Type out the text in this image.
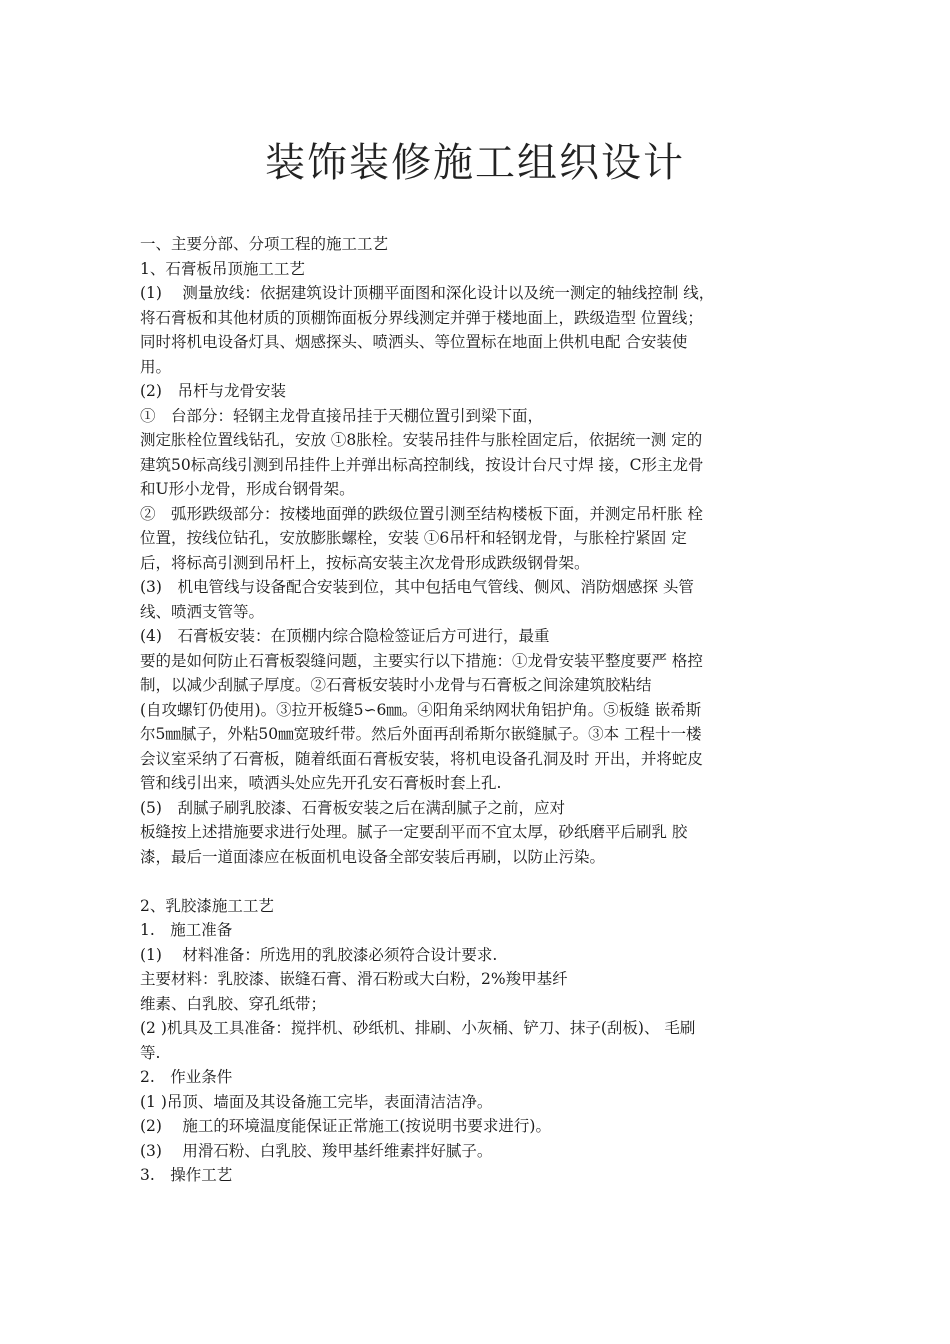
装饰装修施工组织设计
一、主要分部、分项工程的施工工艺
1、石膏板吊顶施工工艺
(1)　 测量放线：依据建筑设计顶棚平面图和深化设计以及统一测定的轴线控制 线，
将石膏板和其他材质的顶棚饰面板分界线测定并弹于楼地面上，跌级造型 位置线；
同时将机电设备灯具、烟感探头、喷洒头、等位置标在地面上供机电配 合安装使
用。
(2)　吊杆与龙骨安装
①　台部分：轻钢主龙骨直接吊挂于天棚位置引到梁下面，
测定胀栓位置线钻孔，安放 ①8胀栓。安装吊挂件与胀栓固定后，依据统一测 定的
建筑50标高线引测到吊挂件上并弹出标高控制线，按设计台尺寸焊 接，C形主龙骨
和U形小龙骨，形成台钢骨架。
②　弧形跌级部分：按楼地面弹的跌级位置引测至结构楼板下面，并测定吊杆胀 栓
位置，按线位钻孔，安放膨胀螺栓，安装 ①6吊杆和轻钢龙骨，与胀栓拧紧固 定
后，将标高引测到吊杆上，按标高安装主次龙骨形成跌级钢骨架。
(3)　机电管线与设备配合安装到位，其中包括电气管线、侧风、消防烟感探 头管
线、喷洒支管等。
(4)　石膏板安装：在顶棚内综合隐检签证后方可进行，最重
要的是如何防止石膏板裂缝问题，主要实行以下措施：①龙骨安装平整度要严 格控
制，以减少刮腻子厚度。②石膏板安装时小龙骨与石膏板之间涂建筑胶粘结
(自攻螺钉仍使用)。③拉开板缝5∽6㎜。④阳角采纳网状角铝护角。⑤板缝 嵌希斯
尔5㎜腻子，外粘50㎜宽玻纤带。然后外面再刮希斯尔嵌缝腻子。③本 工程十一楼
会议室采纳了石膏板，随着纸面石膏板安装，将机电设备孔洞及时 开出，并将蛇皮
管和线引出来，喷洒头处应先开孔安石膏板时套上孔.
(5)　刮腻子刷乳胶漆、石膏板安装之后在满刮腻子之前，应对
板缝按上述措施要求进行处理。腻子一定要刮平而不宜太厚，砂纸磨平后刷乳 胶
漆，最后一道面漆应在板面机电设备全部安装后再刷，以防止污染。
2、乳胶漆施工工艺
1.　施工准备
(1)　 材料准备：所选用的乳胶漆必须符合设计要求.
主要材料：乳胶漆、嵌缝石膏、滑石粉或大白粉，2%羧甲基纤
维素、白乳胶、穿孔纸带；
(2 )机具及工具准备：搅拌机、砂纸机、排刷、小灰桶、铲刀、抹子(刮板)、 毛刷
等.
2.　作业条件
(1 )吊顶、墙面及其设备施工完毕，表面清洁洁净。
(2)　 施工的环境温度能保证正常施工(按说明书要求进行)。
(3)　 用滑石粉、白乳胶、羧甲基纤维素拌好腻子。
3.　操作工艺
